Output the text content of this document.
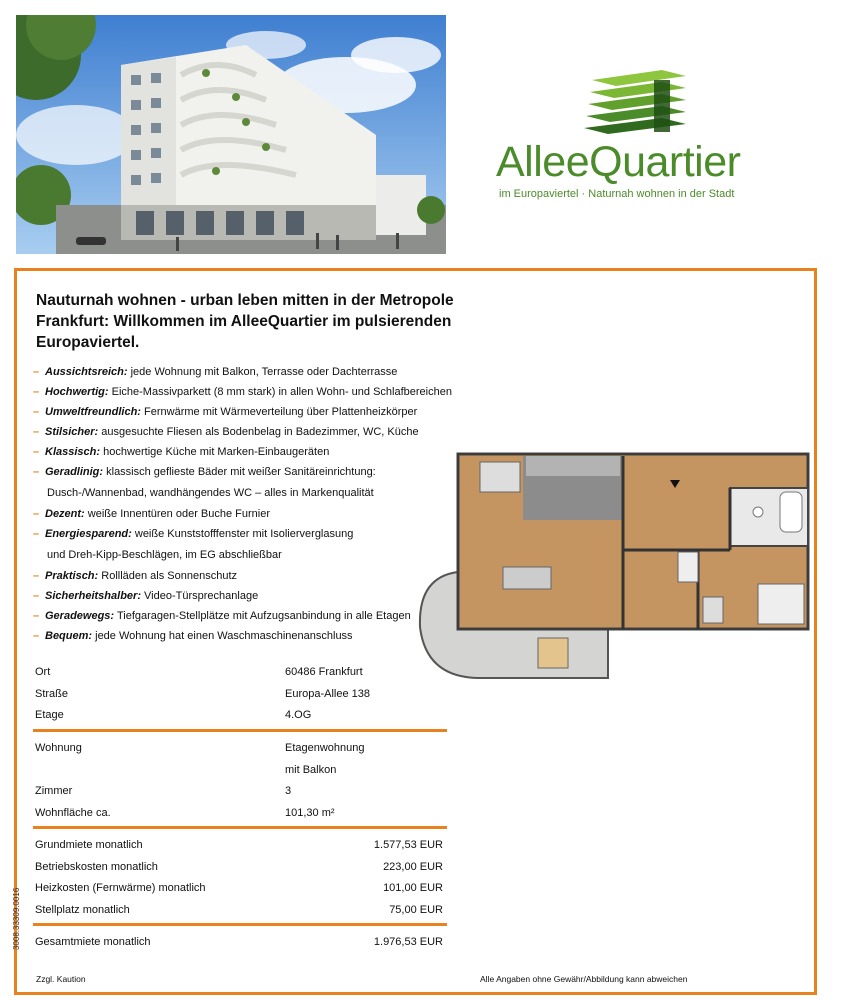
AlleeQuartier
im Europaviertel · Naturnah wohnen in der Stadt
Nauturnah wohnen - urban leben mitten in der Metropole Frankfurt: Willkommen im AlleeQuartier im pulsierenden Europaviertel.
– Aussichtsreich: jede Wohnung mit Balkon, Terrasse oder Dachterrasse
– Hochwertig: Eiche-Massivparkett (8 mm stark) in allen Wohn- und Schlafbereichen
– Umweltfreundlich: Fernwärme mit Wärmeverteilung über Plattenheizkörper
– Stilsicher: ausgesuchte Fliesen als Bodenbelag in Badezimmer, WC, Küche
– Klassisch: hochwertige Küche mit Marken-Einbaugeräten
– Geradlinig: klassisch geflieste Bäder mit weißer Sanitäreinrichtung:
Dusch-/Wannenbad, wandhängendes WC – alles in Markenqualität
– Dezent: weiße Innentüren oder Buche Furnier
– Energiesparend: weiße Kunststofffenster mit Isolierverglasung
und Dreh-Kipp-Beschlägen, im EG abschließbar
– Praktisch: Rollläden als Sonnenschutz
– Sicherheitshalber: Video-Türsprechanlage
– Geradewegs: Tiefgaragen-Stellplätze mit Aufzugsanbindung in alle Etagen
– Bequem: jede Wohnung hat einen Waschmaschinenanschluss
Ort	60486 Frankfurt
Straße	Europa-Allee 138
Etage	4.OG
Wohnung	Etagenwohnung
mit Balkon
Zimmer	3
Wohnfläche ca.	101,30 m²
Grundmiete monatlich	1.577,53 EUR
Betriebskosten monatlich	223,00 EUR
Heizkosten (Fernwärme) monatlich	101,00 EUR
Stellplatz monatlich	75,00 EUR
Gesamtmiete monatlich	1.976,53 EUR
3008.33309.0016
Zzgl. Kaution	Alle Angaben ohne Gewähr/Abbildung kann abweichen
